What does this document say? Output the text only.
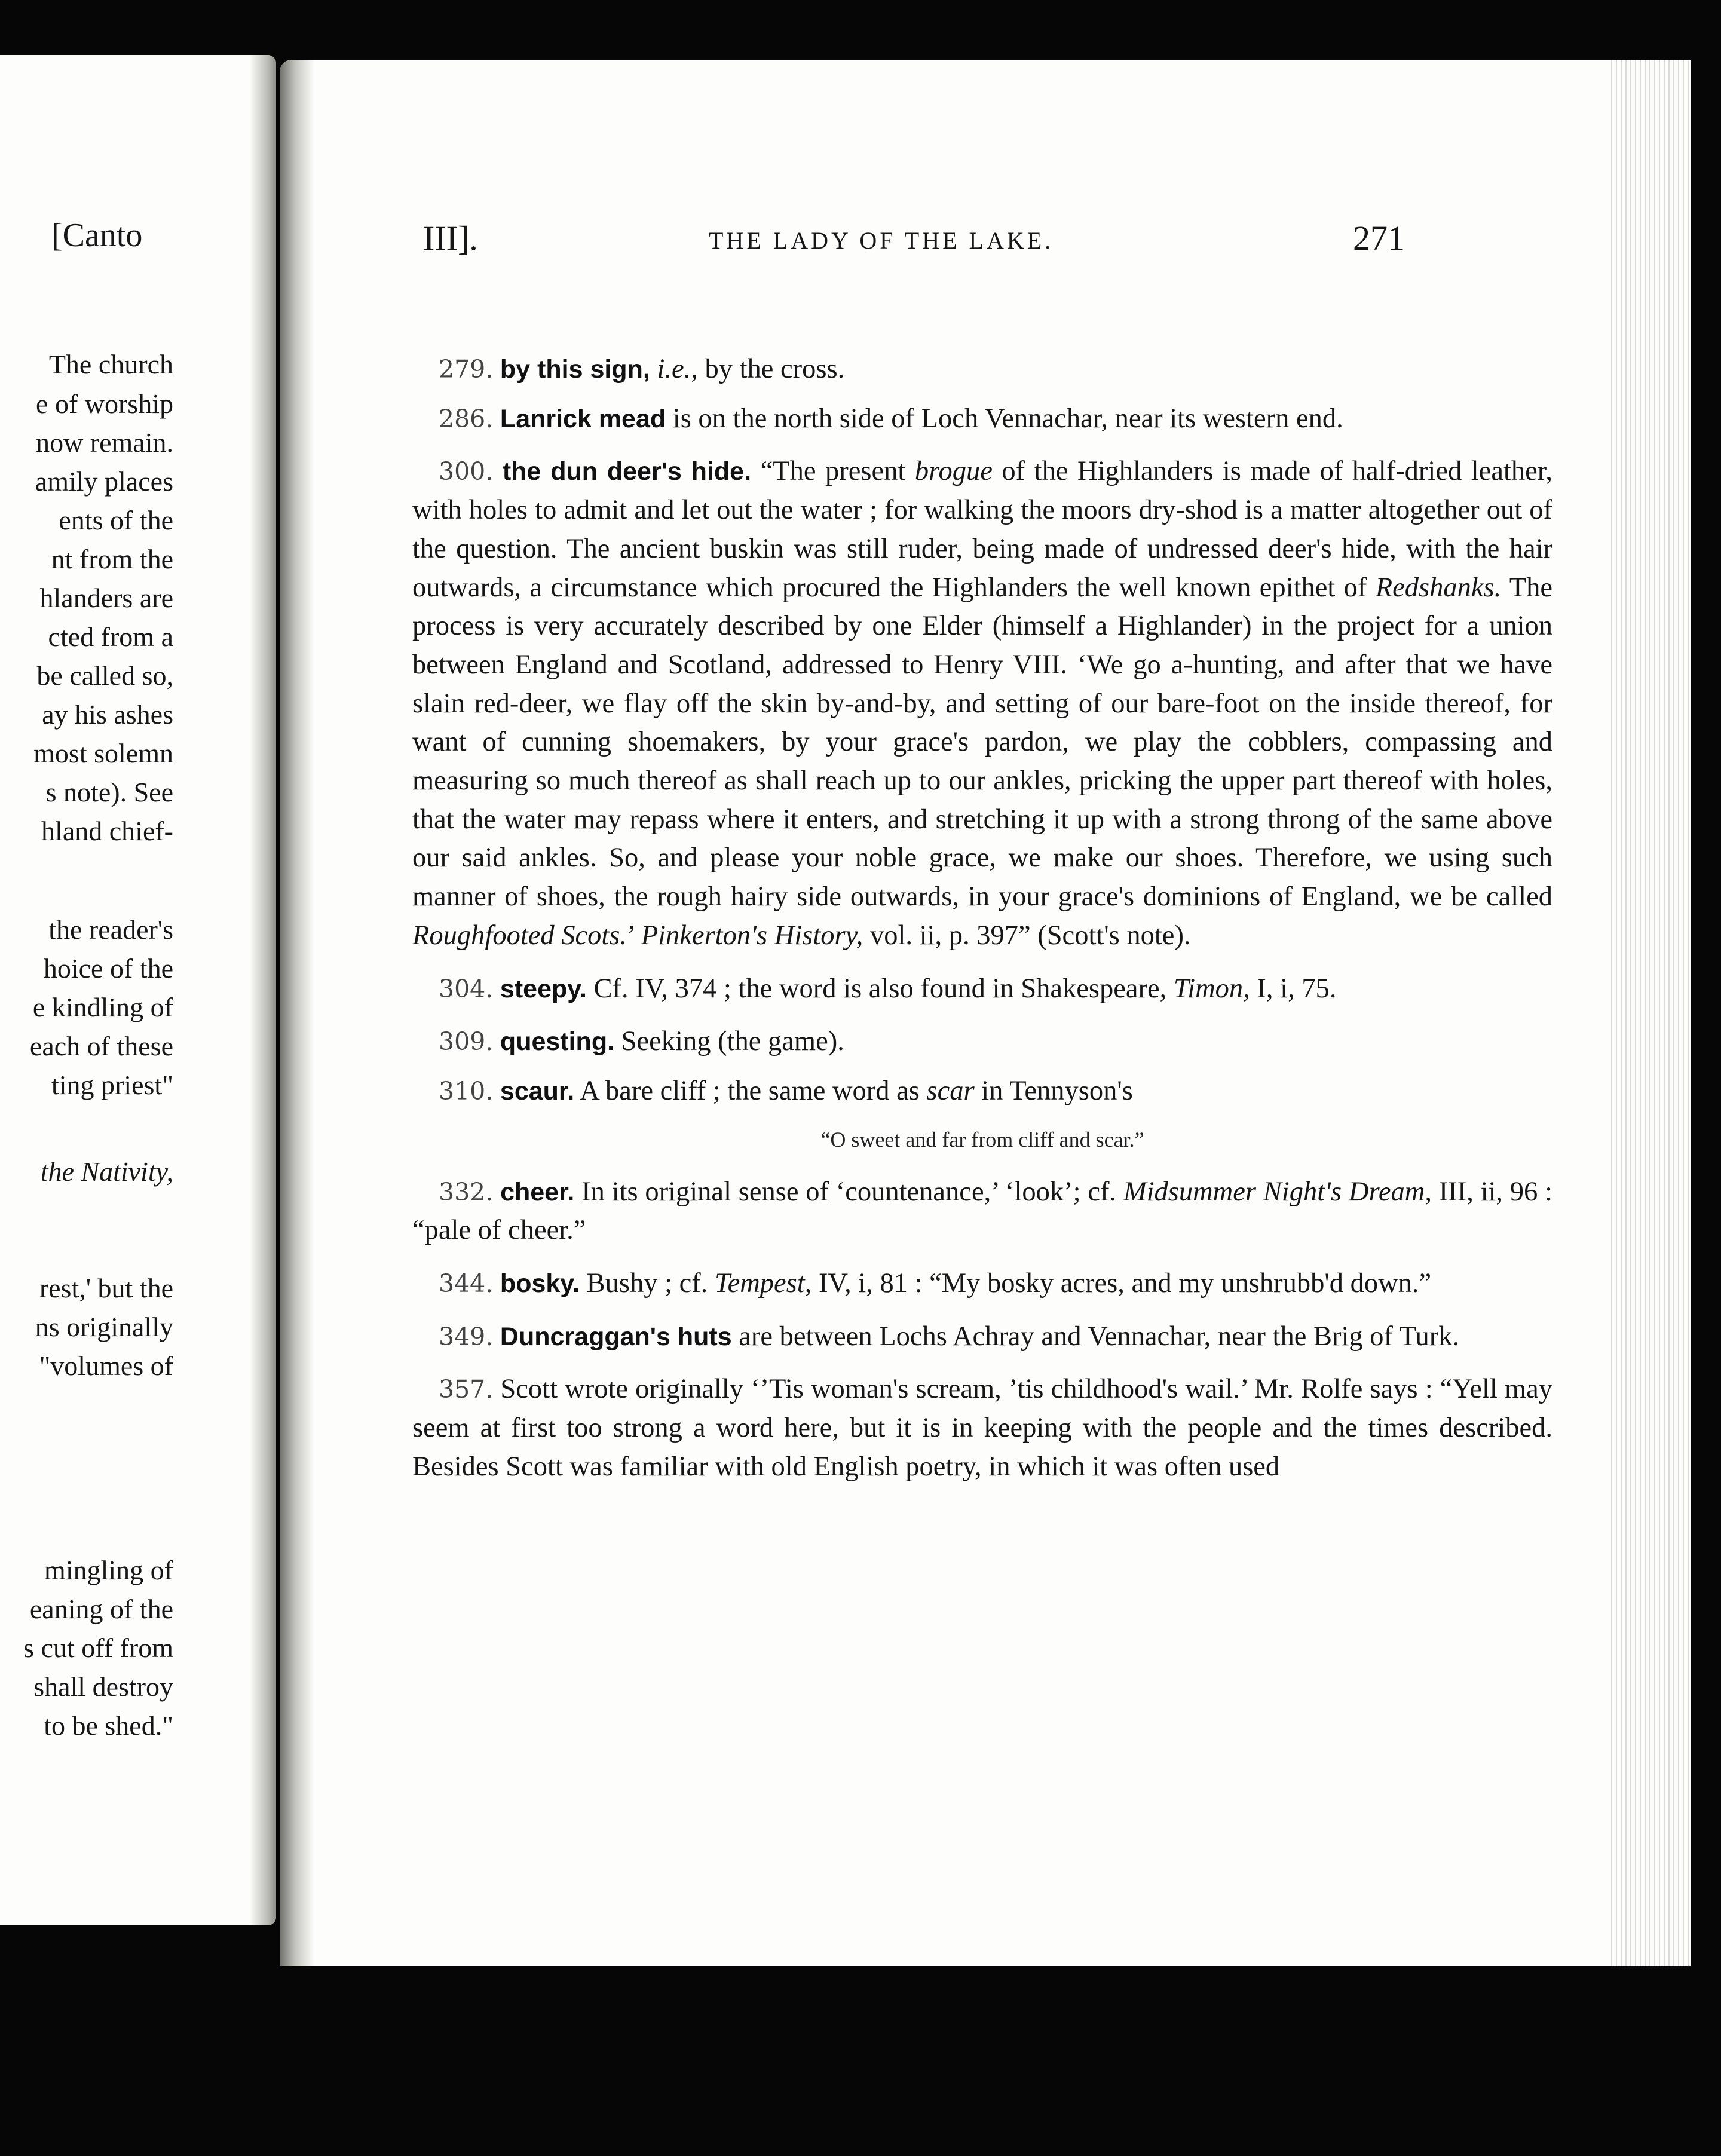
[Canto
The church
e of worship
now remain.
amily places
ents of the
nt from the
hlanders are
cted from a
be called so,
ay his ashes
most solemn
s note). See
hland chief-
the reader's
hoice of the
e kindling of
each of these
ting priest"
the Nativity,
rest,' but the
ns originally
"volumes of
mingling of
eaning of the
s cut off from
shall destroy
to be shed."
III].	THE LADY OF THE LAKE.	271

279. by this sign, i.e., by the cross.

286. Lanrick mead is on the north side of Loch Vennachar, near its western end.

300. the dun deer's hide. “The present brogue of the Highlanders is made of half-dried leather, with holes to admit and let out the water ; for walking the moors dry-shod is a matter altogether out of the question. The ancient buskin was still ruder, being made of undressed deer's hide, with the hair outwards, a circumstance which procured the Highlanders the well known epithet of Redshanks. The process is very accurately described by one Elder (himself a Highlander) in the project for a union between England and Scotland, addressed to Henry VIII. ‘We go a-hunting, and after that we have slain red-deer, we flay off the skin by-and-by, and setting of our bare-foot on the inside thereof, for want of cunning shoemakers, by your grace's pardon, we play the cobblers, compassing and measuring so much thereof as shall reach up to our ankles, pricking the upper part thereof with holes, that the water may repass where it enters, and stretching it up with a strong throng of the same above our said ankles. So, and please your noble grace, we make our shoes. Therefore, we using such manner of shoes, the rough hairy side outwards, in your grace's dominions of England, we be called Roughfooted Scots.’ Pinkerton's History, vol. ii, p. 397” (Scott's note).

304. steepy. Cf. IV, 374 ; the word is also found in Shakespeare, Timon, I, i, 75.

309. questing. Seeking (the game).

310. scaur. A bare cliff ; the same word as scar in Tennyson's

“O sweet and far from cliff and scar.”

332. cheer. In its original sense of ‘countenance,’ ‘look’; cf. Midsummer Night's Dream, III, ii, 96 : “pale of cheer.”

344. bosky. Bushy ; cf. Tempest, IV, i, 81 : “My bosky acres, and my unshrubb'd down.”

349. Duncraggan's huts are between Lochs Achray and Vennachar, near the Brig of Turk.

357. Scott wrote originally ‘’Tis woman's scream, ’tis childhood's wail.’ Mr. Rolfe says : “Yell may seem at first too strong a word here, but it is in keeping with the people and the times described. Besides Scott was familiar with old English poetry, in which it was often used
